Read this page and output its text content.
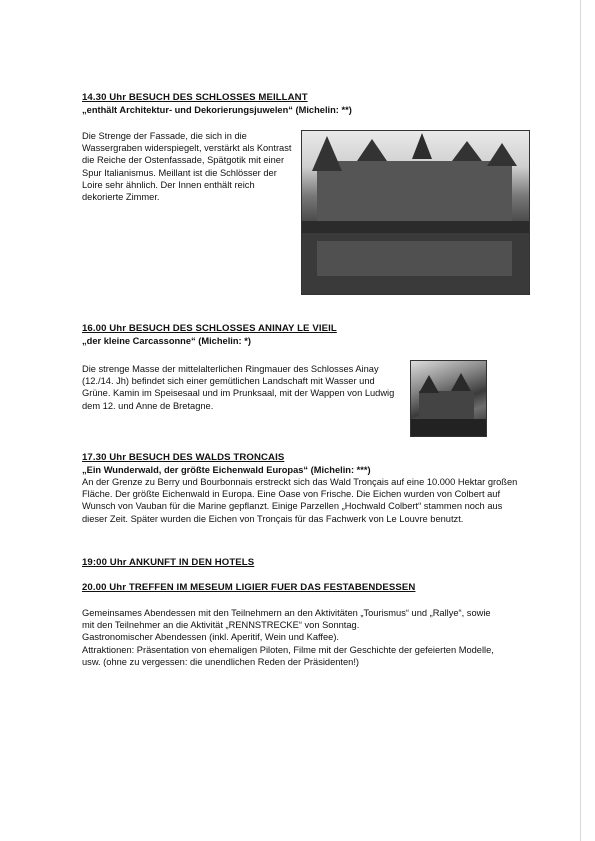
14.30 Uhr BESUCH DES SCHLOSSES MEILLANT
„enthält Architektur- und Dekorierungsjuwelen“ (Michelin: **)
Die Strenge der Fassade, die sich in die Wassergraben widerspiegelt, verstärkt als Kontrast die Reiche der Ostenfassade, Spätgotik mit einer Spur Italianismus. Meillant ist die Schlösser der Loire sehr ähnlich. Der Innen enthält reich dekorierte Zimmer.
16.00 Uhr BESUCH DES SCHLOSSES ANINAY LE VIEIL
„der kleine Carcassonne“ (Michelin: *)
Die strenge Masse der mittelalterlichen Ringmauer des Schlosses Ainay (12./14. Jh) befindet sich einer gemütlichen Landschaft mit Wasser und Grüne. Kamin im Speisesaal und im Prunksaal, mit der Wappen von Ludwig dem 12. und Anne de Bretagne.
17.30 Uhr BESUCH DES WALDS TRONCAIS
„Ein Wunderwald, der größte Eichenwald Europas“ (Michelin: ***)
An der Grenze zu Berry und Bourbonnais erstreckt sich das Wald Tronçais auf eine 10.000 Hektar großen Fläche. Der größte Eichenwald in Europa. Eine Oase von Frische. Die Eichen wurden von Colbert auf Wunsch von Vauban für die Marine gepflanzt. Einige Parzellen „Hochwald Colbert“ stammen noch aus dieser Zeit. Später wurden die Eichen von Tronçais für das Fachwerk von Le Louvre benutzt.
19:00 Uhr ANKUNFT IN DEN HOTELS
20.00 Uhr TREFFEN IM MESEUM LIGIER FUER DAS FESTABENDESSEN
Gemeinsames Abendessen mit den Teilnehmern an den Aktivitäten „Tourismus“ und „Rallye“, sowie mit den Teilnehmer an die Aktivität „RENNSTRECKE“ von Sonntag.
Gastronomischer Abendessen (inkl. Aperitif, Wein und Kaffee).
Attraktionen: Präsentation von ehemaligen Piloten, Filme mit der Geschichte der gefeierten Modelle, usw. (ohne zu vergessen: die unendlichen Reden der Präsidenten!)
